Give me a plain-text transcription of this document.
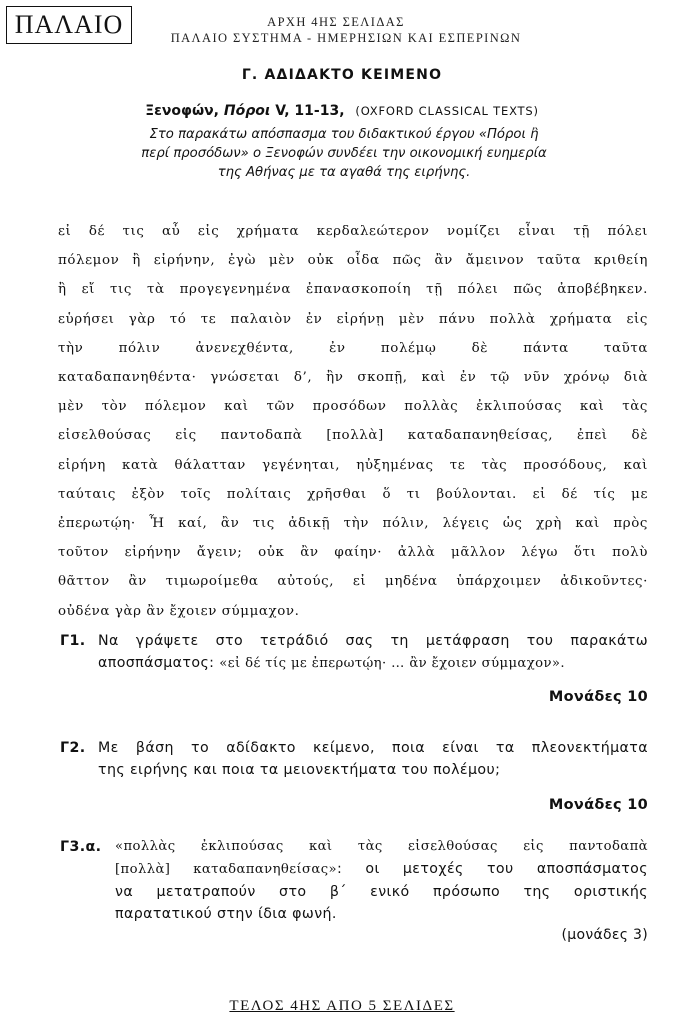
ΠΑΛΑΙΟ	ΑΡΧΗ 4ΗΣ ΣΕΛΙΔΑΣ
ΠΑΛΑΙΟ ΣΥΣΤΗΜΑ - ΗΜΕΡΗΣΙΩΝ ΚΑΙ ΕΣΠΕΡΙΝΩΝ
Γ. ΑΔΙΔΑΚΤΟ ΚΕΙΜΕΝΟ
Ξενοφών, Πόροι V, 11-13, (OXFORD CLASSICAL TEXTS)
Στο παρακάτω απόσπασμα του διδακτικού έργου «Πόροι ἢ
περί προσόδων» ο Ξενοφών συνδέει την οικονομική ευημερία
της Αθήνας με τα αγαθά της ειρήνης.
εἰ δέ τις αὖ εἰς χρήματα κερδαλεώτερον νομίζει εἶναι τῇ πόλει
πόλεμον ἢ εἰρήνην, ἐγὼ μὲν οὐκ οἶδα πῶς ἂν ἄμεινον ταῦτα κριθείη
ἢ εἴ τις τὰ προγεγενημένα ἐπανασκοποίη τῇ πόλει πῶς ἀποβέβηκεν.
εὑρήσει γὰρ τό τε παλαιὸν ἐν εἰρήνῃ μὲν πάνυ πολλὰ χρήματα εἰς
τὴν πόλιν ἀνενεχθέντα, ἐν πολέμῳ δὲ πάντα ταῦτα
καταδαπανηθέντα· γνώσεται δ’, ἢν σκοπῇ, καὶ ἐν τῷ νῦν χρόνῳ διὰ
μὲν τὸν πόλεμον καὶ τῶν προσόδων πολλὰς ἐκλιπούσας καὶ τὰς
εἰσελθούσας εἰς παντοδαπὰ [πολλὰ] καταδαπανηθείσας, ἐπεὶ δὲ
εἰρήνη κατὰ θάλατταν γεγένηται, ηὐξημένας τε τὰς προσόδους, καὶ
ταύταις ἐξὸν τοῖς πολίταις χρῆσθαι ὅ τι βούλονται. εἰ δέ τίς με
ἐπερωτῴη· Ἦ καί, ἂν τις ἀδικῇ τὴν πόλιν, λέγεις ὡς χρὴ καὶ πρὸς
τοῦτον εἰρήνην ἄγειν; οὐκ ἂν φαίην· ἀλλὰ μᾶλλον λέγω ὅτι πολὺ
θᾶττον ἂν τιμωροίμεθα αὐτούς, εἰ μηδένα ὑπάρχοιμεν ἀδικοῦντες·
οὐδένα γὰρ ἂν ἔχοιεν σύμμαχον.
Γ1. Να γράψετε στο τετράδιό σας τη μετάφραση του παρακάτω
αποσπάσματος: «εἰ δέ τίς με ἐπερωτῴη· … ἂν ἔχοιεν σύμμαχον».
Μονάδες 10
Γ2. Με βάση το αδίδακτο κείμενο, ποια είναι τα πλεονεκτήματα
της ειρήνης και ποια τα μειονεκτήματα του πολέμου;
Μονάδες 10
Γ3.α. «πολλὰς ἐκλιπούσας καὶ τὰς εἰσελθούσας εἰς παντοδαπὰ
[πολλὰ] καταδαπανηθείσας»: οι μετοχές του αποσπάσματος
να μετατραπούν στο β΄ ενικό πρόσωπο της οριστικής
παρατατικού στην ίδια φωνή.
(μονάδες 3)
ΤΕΛΟΣ 4ΗΣ ΑΠΟ 5 ΣΕΛΙΔΕΣ
